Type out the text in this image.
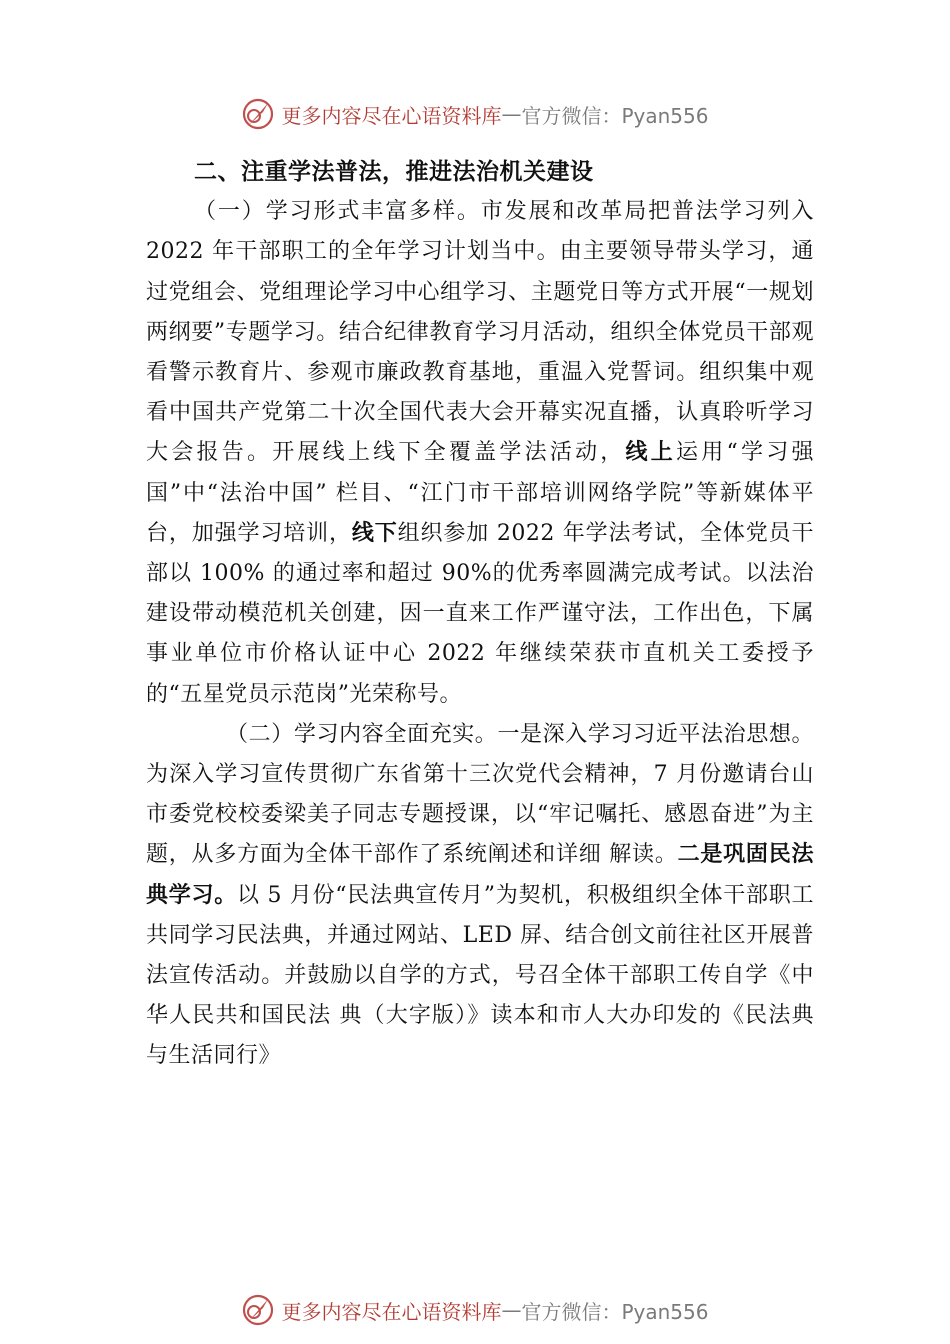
更多内容尽在心语资料库 — 官方微信：Pyan556
二、注重学法普法，推进法治机关建设

（一）学习形式丰富多样。市发展和改革局把普法学习列入 2022 年干部职工的全年学习计划当中。由主要领导带头学习，通过党组会、党组理论学习中心组学习、主题党日等方式开展“一规划两纲要”专题学习。结合纪律教育学习月活动，组织全体党员干部观看警示教育片、参观市廉政教育基地，重温入党誓词。组织集中观看中国共产党第二十次全国代表大会开幕实况直播，认真聆听学习大会报告。开展线上线下全覆盖学法活动，线上运用“学习强国”中“法治中国” 栏目、“江门市干部培训网络学院”等新媒体平台，加强学习培训，线下组织参加 2022 年学法考试，全体党员干部以 100% 的通过率和超过 90%的优秀率圆满完成考试。以法治建设带动模范机关创建，因一直来工作严谨守法，工作出色，下属事业单位市价格认证中心 2022 年继续荣获市直机关工委授予的“五星党员示范岗”光荣称号。

（二）学习内容全面充实。一是深入学习习近平法治思想。为深入学习宣传贯彻广东省第十三次党代会精神，7 月份邀请台山市委党校校委梁美子同志专题授课，以“牢记嘱托、感恩奋进”为主题，从多方面为全体干部作了系统阐述和详细 解读。二是巩固民法典学习。以 5 月份“民法典宣传月”为契机，积极组织全体干部职工共同学习民法典，并通过网站、LED 屏、结合创文前往社区开展普法宣传活动。并鼓励以自学的方式，号召全体干部职工传自学《中华人民共和国民法 典（大字版）》读本和市人大办印发的《民法典与生活同行》

更多内容尽在心语资料库 — 官方微信：Pyan556
